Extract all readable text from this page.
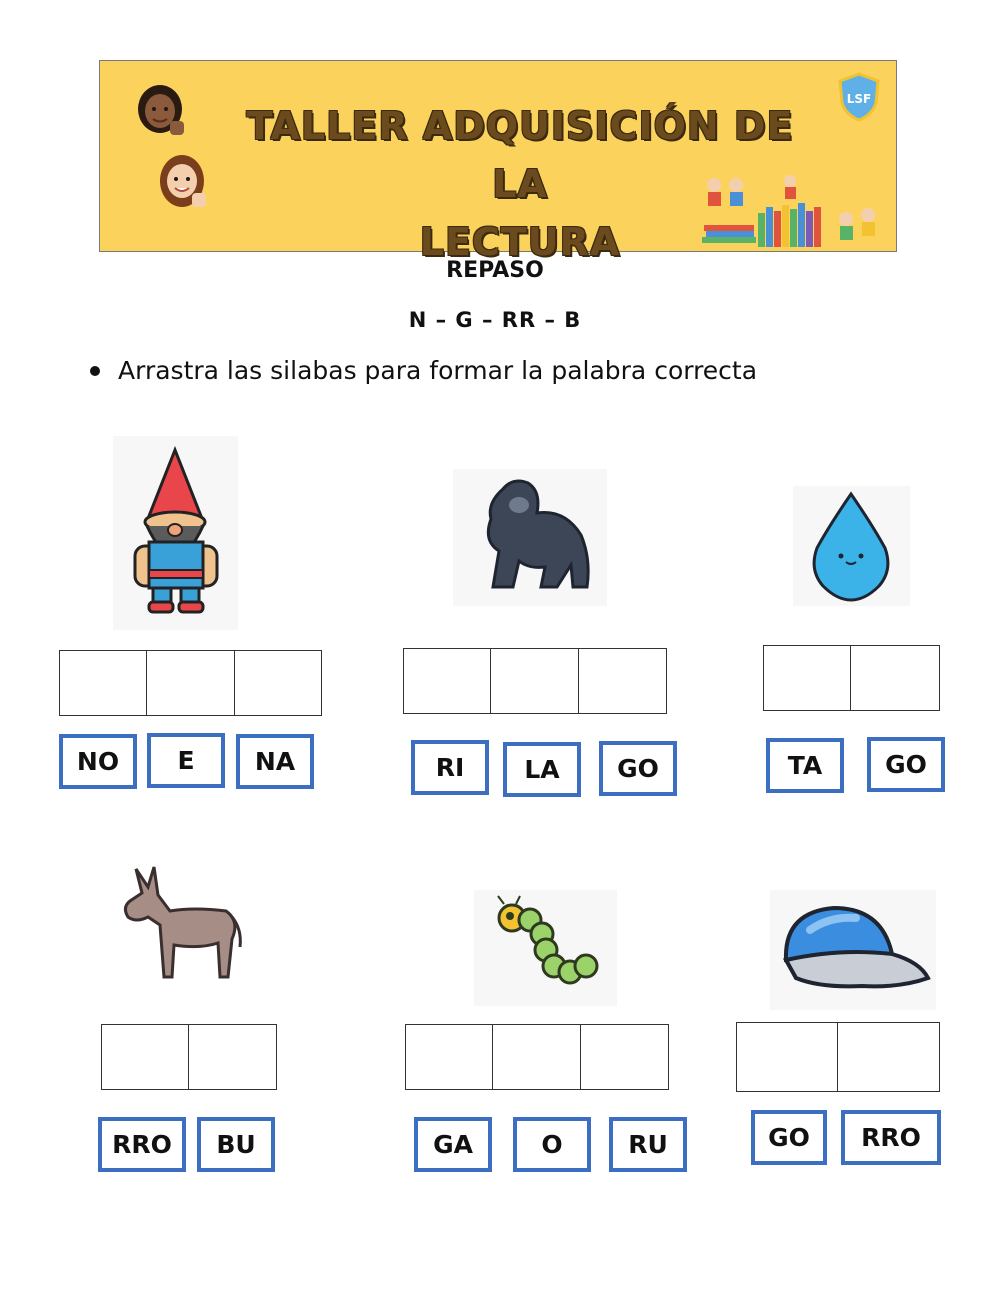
TALLER ADQUISICIÓN DE LA
LECTURA
LSF
REPASO
N – G – RR – B
Arrastra las silabas para formar la palabra correcta
NO	E	NA	RI	LA	GO	TA	GO
RRO	BU	GA	O	RU	GO	RRO
